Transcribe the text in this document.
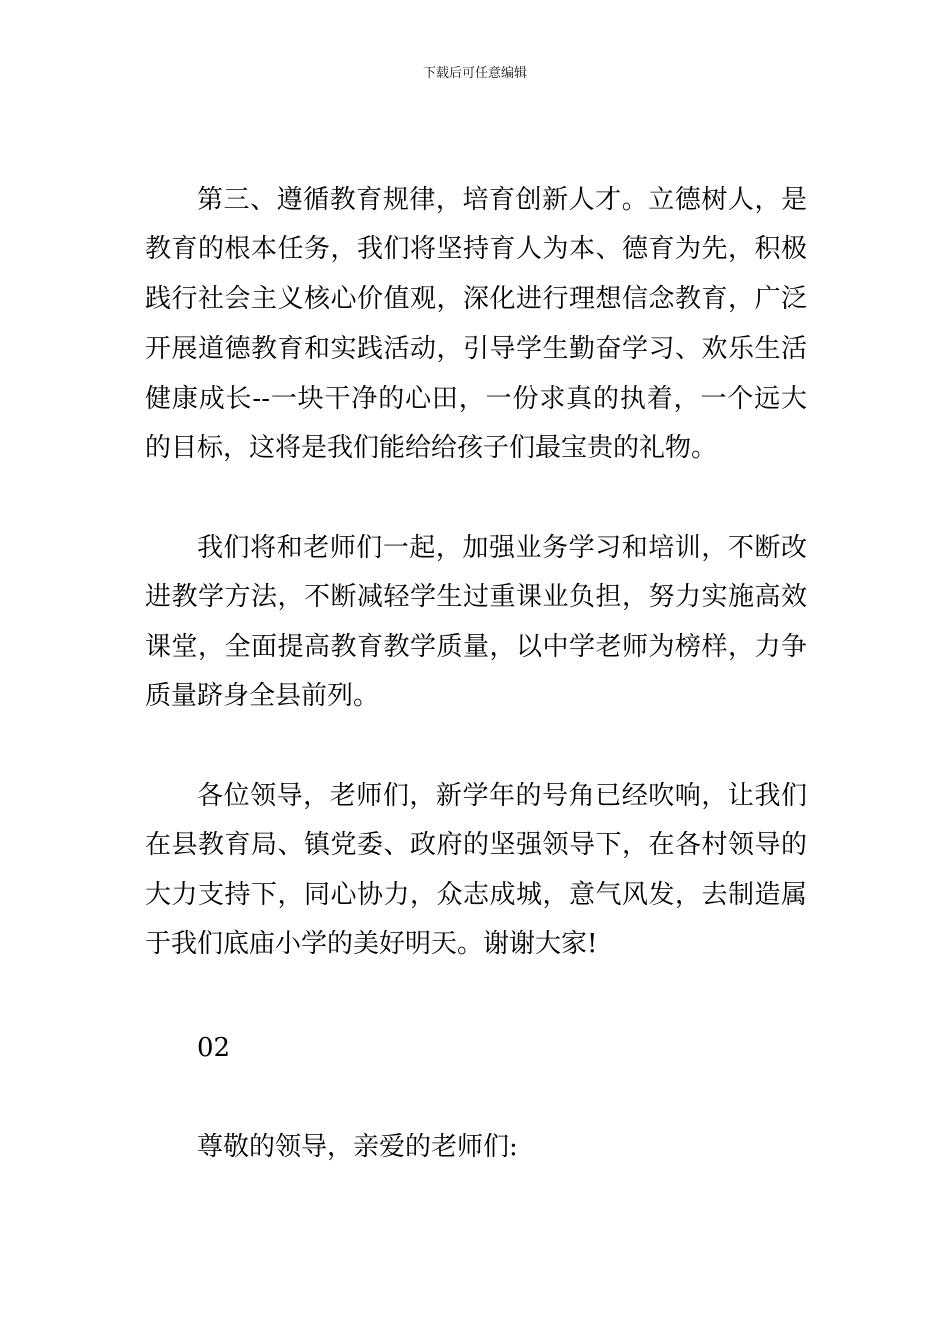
下载后可任意编辑
第三、遵循教育规律，培育创新人才。立德树人，是
教育的根本任务，我们将坚持育人为本、德育为先，积极
践行社会主义核心价值观，深化进行理想信念教育，广泛
开展道德教育和实践活动，引导学生勤奋学习、欢乐生活
健康成长--一块干净的心田，一份求真的执着，一个远大
的目标，这将是我们能给给孩子们最宝贵的礼物。
我们将和老师们一起，加强业务学习和培训，不断改
进教学方法，不断减轻学生过重课业负担，努力实施高效
课堂，全面提高教育教学质量，以中学老师为榜样，力争
质量跻身全县前列。
各位领导，老师们，新学年的号角已经吹响，让我们
在县教育局、镇党委、政府的坚强领导下，在各村领导的
大力支持下，同心协力，众志成城，意气风发，去制造属
于我们底庙小学的美好明天。谢谢大家!
02
尊敬的领导，亲爱的老师们:
